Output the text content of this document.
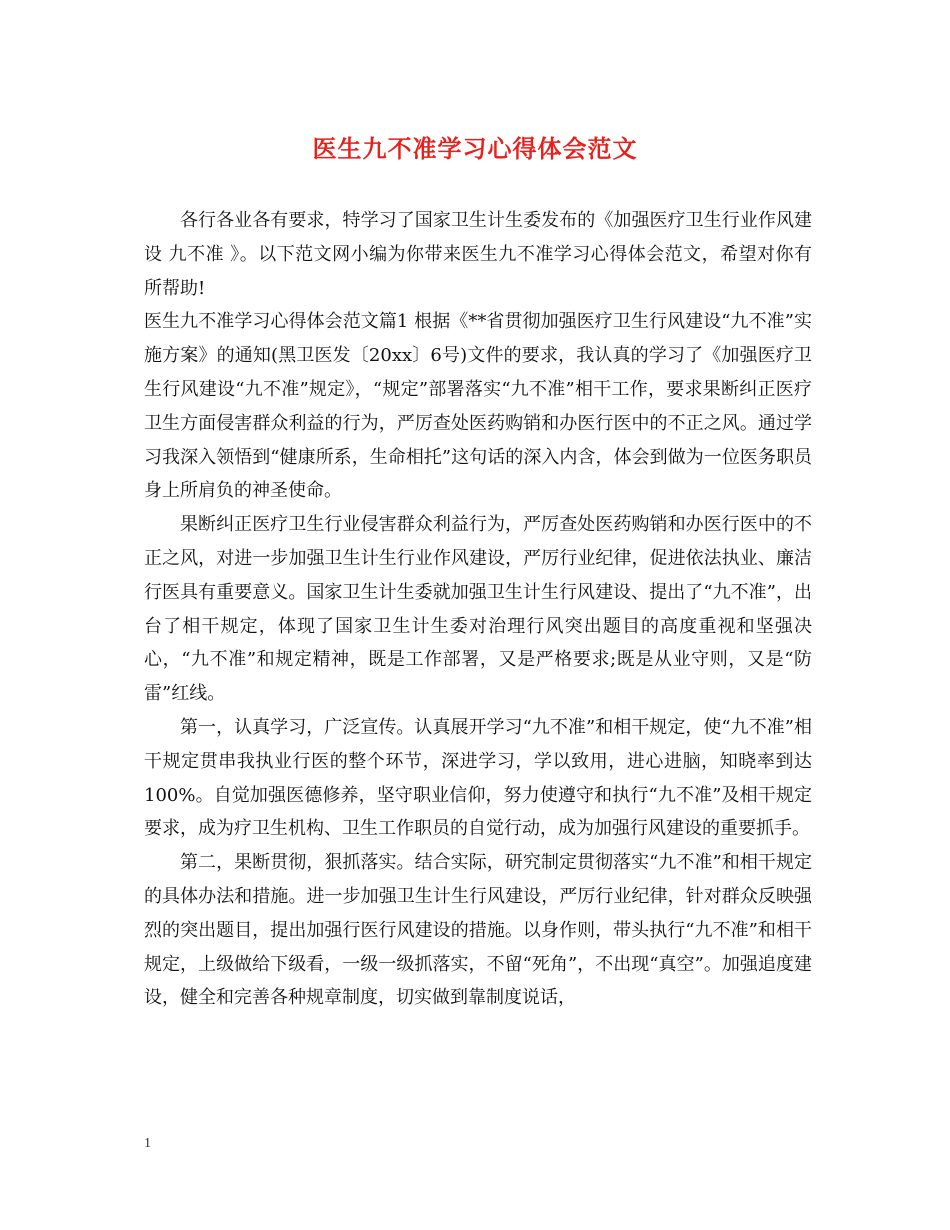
医生九不准学习心得体会范文

各行各业各有要求，特学习了国家卫生计生委发布的《加强医疗卫生行业作风建设 九不准 》。以下范文网小编为你带来医生九不准学习心得体会范文，希望对你有所帮助!

医生九不准学习心得体会范文篇1 根据《**省贯彻加强医疗卫生行风建设“九不准”实施方案》的通知(黑卫医发〔20xx〕6号)文件的要求，我认真的学习了《加强医疗卫生行风建设“九不准”规定》，“规定”部署落实“九不准”相干工作，要求果断纠正医疗卫生方面侵害群众利益的行为，严厉查处医药购销和办医行医中的不正之风。通过学习我深入领悟到“健康所系，生命相托”这句话的深入内含，体会到做为一位医务职员身上所肩负的神圣使命。

果断纠正医疗卫生行业侵害群众利益行为，严厉查处医药购销和办医行医中的不正之风，对进一步加强卫生计生行业作风建设，严厉行业纪律，促进依法执业、廉洁行医具有重要意义。国家卫生计生委就加强卫生计生行风建设、提出了“九不准”，出台了相干规定，体现了国家卫生计生委对治理行风突出题目的高度重视和坚强决心，“九不准”和规定精神，既是工作部署，又是严格要求;既是从业守则，又是“防雷”红线。

第一，认真学习，广泛宣传。认真展开学习“九不准”和相干规定，使“九不准”相干规定贯串我执业行医的整个环节，深进学习，学以致用，进心进脑，知晓率到达100%。自觉加强医德修养，坚守职业信仰，努力使遵守和执行“九不准”及相干规定要求，成为疗卫生机构、卫生工作职员的自觉行动，成为加强行风建设的重要抓手。

第二，果断贯彻，狠抓落实。结合实际，研究制定贯彻落实“九不准”和相干规定的具体办法和措施。进一步加强卫生计生行风建设，严厉行业纪律，针对群众反映强烈的突出题目，提出加强行医行风建设的措施。以身作则，带头执行“九不准”和相干规定，上级做给下级看，一级一级抓落实，不留“死角”，不出现“真空”。加强追度建设，健全和完善各种规章制度，切实做到靠制度说话，

1
